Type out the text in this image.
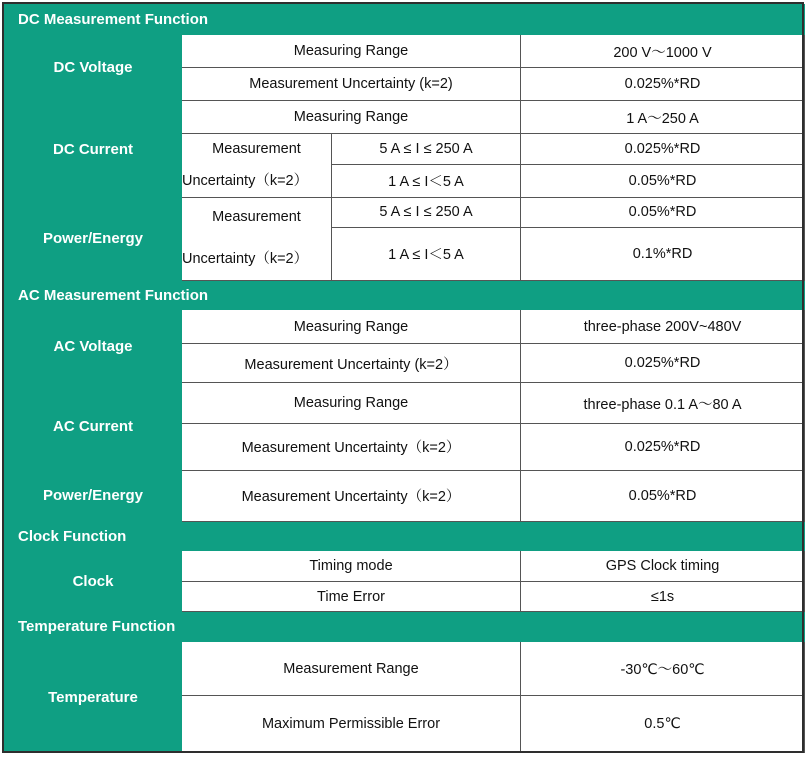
DC Measurement Function			
DC Voltage	Measuring Range		200 V～1000 V
	Measurement Uncertainty (k=2)		0.025%*RD
DC Current	Measuring Range		1 A～250 A

	Measurement
Uncertainty（k=2）	5 A ≤ I ≤ 250 A	0.025%*RD
		1 A ≤ I＜5 A	0.05%*RD
Power/Energy	Measurement
Uncertainty（k=2）	5 A ≤ I ≤ 250 A	0.05%*RD
		1 A ≤ I＜5 A	0.1%*RD
AC Measurement Function			
AC Voltage	Measuring Range		three-phase 200V~480V
	Measurement Uncertainty (k=2）		0.025%*RD
AC Current	Measuring Range		three-phase 0.1 A～80 A
	Measurement Uncertainty（k=2）		0.025%*RD
Power/Energy	Measurement Uncertainty（k=2）		0.05%*RD
Clock Function			
Clock	Timing mode		GPS Clock timing
	Time Error		≤1s
Temperature Function			
Temperature	Measurement Range		-30℃～60℃
	Maximum Permissible Error		0.5℃
